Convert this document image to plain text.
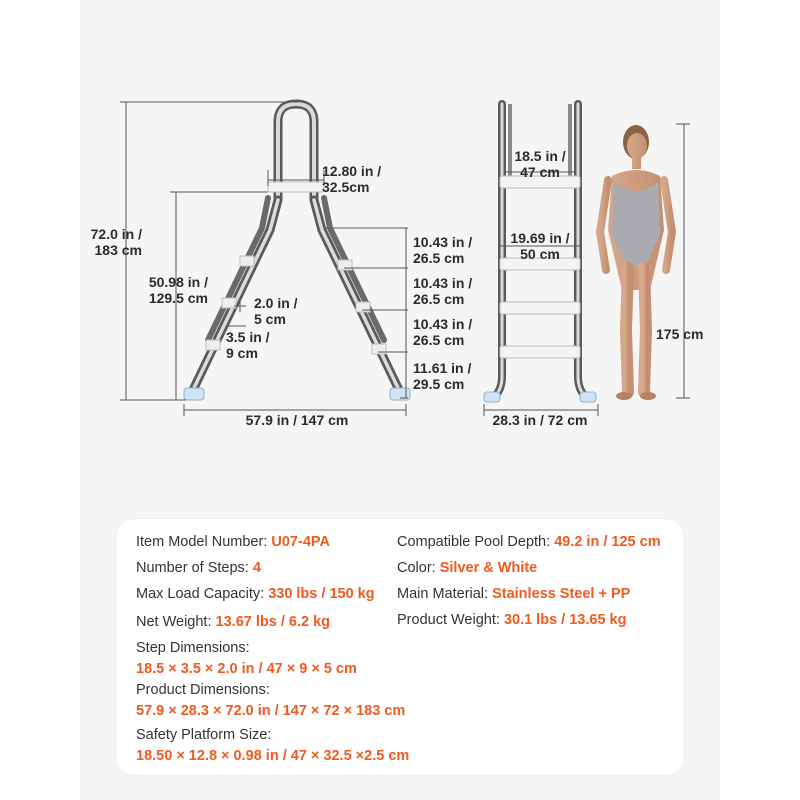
72.0 in /
183 cm
50.98 in /
129.5 cm
12.80 in /
32.5cm
2.0 in /
5 cm
3.5 in /
9 cm
10.43 in /
26.5 cm
10.43 in /
26.5 cm
10.43 in /
26.5 cm
11.61 in /
29.5 cm
57.9 in / 147 cm
18.5 in /
47 cm
19.69 in /
50 cm
28.3 in / 72 cm
175 cm
Item Model Number: U07-4PA
Number of Steps: 4
Max Load Capacity: 330 lbs / 150 kg
Net Weight: 13.67 lbs / 6.2 kg
Compatible Pool Depth: 49.2 in / 125 cm
Color: Silver & White
Main Material: Stainless Steel + PP
Product Weight: 30.1 lbs / 13.65 kg
Step Dimensions:
18.5 × 3.5 × 2.0 in / 47 × 9 × 5 cm
Product Dimensions:
57.9 × 28.3 × 72.0 in / 147 × 72 × 183 cm
Safety Platform Size:
18.50 × 12.8 × 0.98 in / 47 × 32.5 ×2.5 cm
